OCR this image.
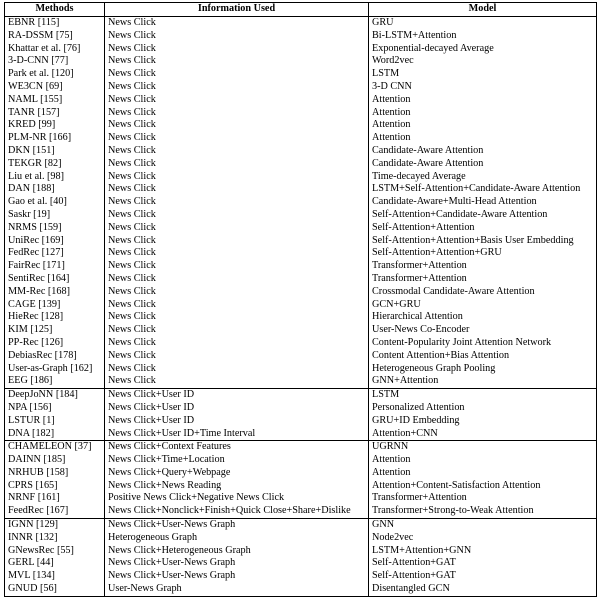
Methods	Information Used	Model
EBNR [115]	News Click	GRU
RA-DSSM [75]	News Click	Bi-LSTM+Attention
Khattar et al. [76]	News Click	Exponential-decayed Average
3-D-CNN [77]	News Click	Word2vec
Park et al. [120]	News Click	LSTM
WE3CN [69]	News Click	3-D CNN
NAML [155]	News Click	Attention
TANR [157]	News Click	Attention
KRED [99]	News Click	Attention
PLM-NR [166]	News Click	Attention
DKN [151]	News Click	Candidate-Aware Attention
TEKGR [82]	News Click	Candidate-Aware Attention
Liu et al. [98]	News Click	Time-decayed Average
DAN [188]	News Click	LSTM+Self-Attention+Candidate-Aware Attention
Gao et al. [40]	News Click	Candidate-Aware+Multi-Head Attention
Saskr [19]	News Click	Self-Attention+Candidate-Aware Attention
NRMS [159]	News Click	Self-Attention+Attention
UniRec [169]	News Click	Self-Attention+Attention+Basis User Embedding
FedRec [127]	News Click	Self-Attention+Attention+GRU
FairRec [171]	News Click	Transformer+Attention
SentiRec [164]	News Click	Transformer+Attention
MM-Rec [168]	News Click	Crossmodal Candidate-Aware Attention
CAGE [139]	News Click	GCN+GRU
HieRec [128]	News Click	Hierarchical Attention
KIM [125]	News Click	User-News Co-Encoder
PP-Rec [126]	News Click	Content-Popularity Joint Attention Network
DebiasRec [178]	News Click	Content Attention+Bias Attention
User-as-Graph [162]	News Click	Heterogeneous Graph Pooling
EEG [186]	News Click	GNN+Attention
DeepJoNN [184]	News Click+User ID	LSTM
NPA [156]	News Click+User ID	Personalized Attention
LSTUR [1]	News Click+User ID	GRU+ID Embedding
DNA [182]	News Click+User ID+Time Interval	Attention+CNN
CHAMELEON [37]	News Click+Context Features	UGRNN
DAINN [185]	News Click+Time+Location	Attention
NRHUB [158]	News Click+Query+Webpage	Attention
CPRS [165]	News Click+News Reading	Attention+Content-Satisfaction Attention
NRNF [161]	Positive News Click+Negative News Click	Transformer+Attention
FeedRec [167]	News Click+Nonclick+Finish+Quick Close+Share+Dislike	Transformer+Strong-to-Weak Attention
IGNN [129]	News Click+User-News Graph	GNN
INNR [132]	Heterogeneous Graph	Node2vec
GNewsRec [55]	News Click+Heterogeneous Graph	LSTM+Attention+GNN
GERL [44]	News Click+User-News Graph	Self-Attention+GAT
MVL [134]	News Click+User-News Graph	Self-Attention+GAT
GNUD [56]	User-News Graph	Disentangled GCN
